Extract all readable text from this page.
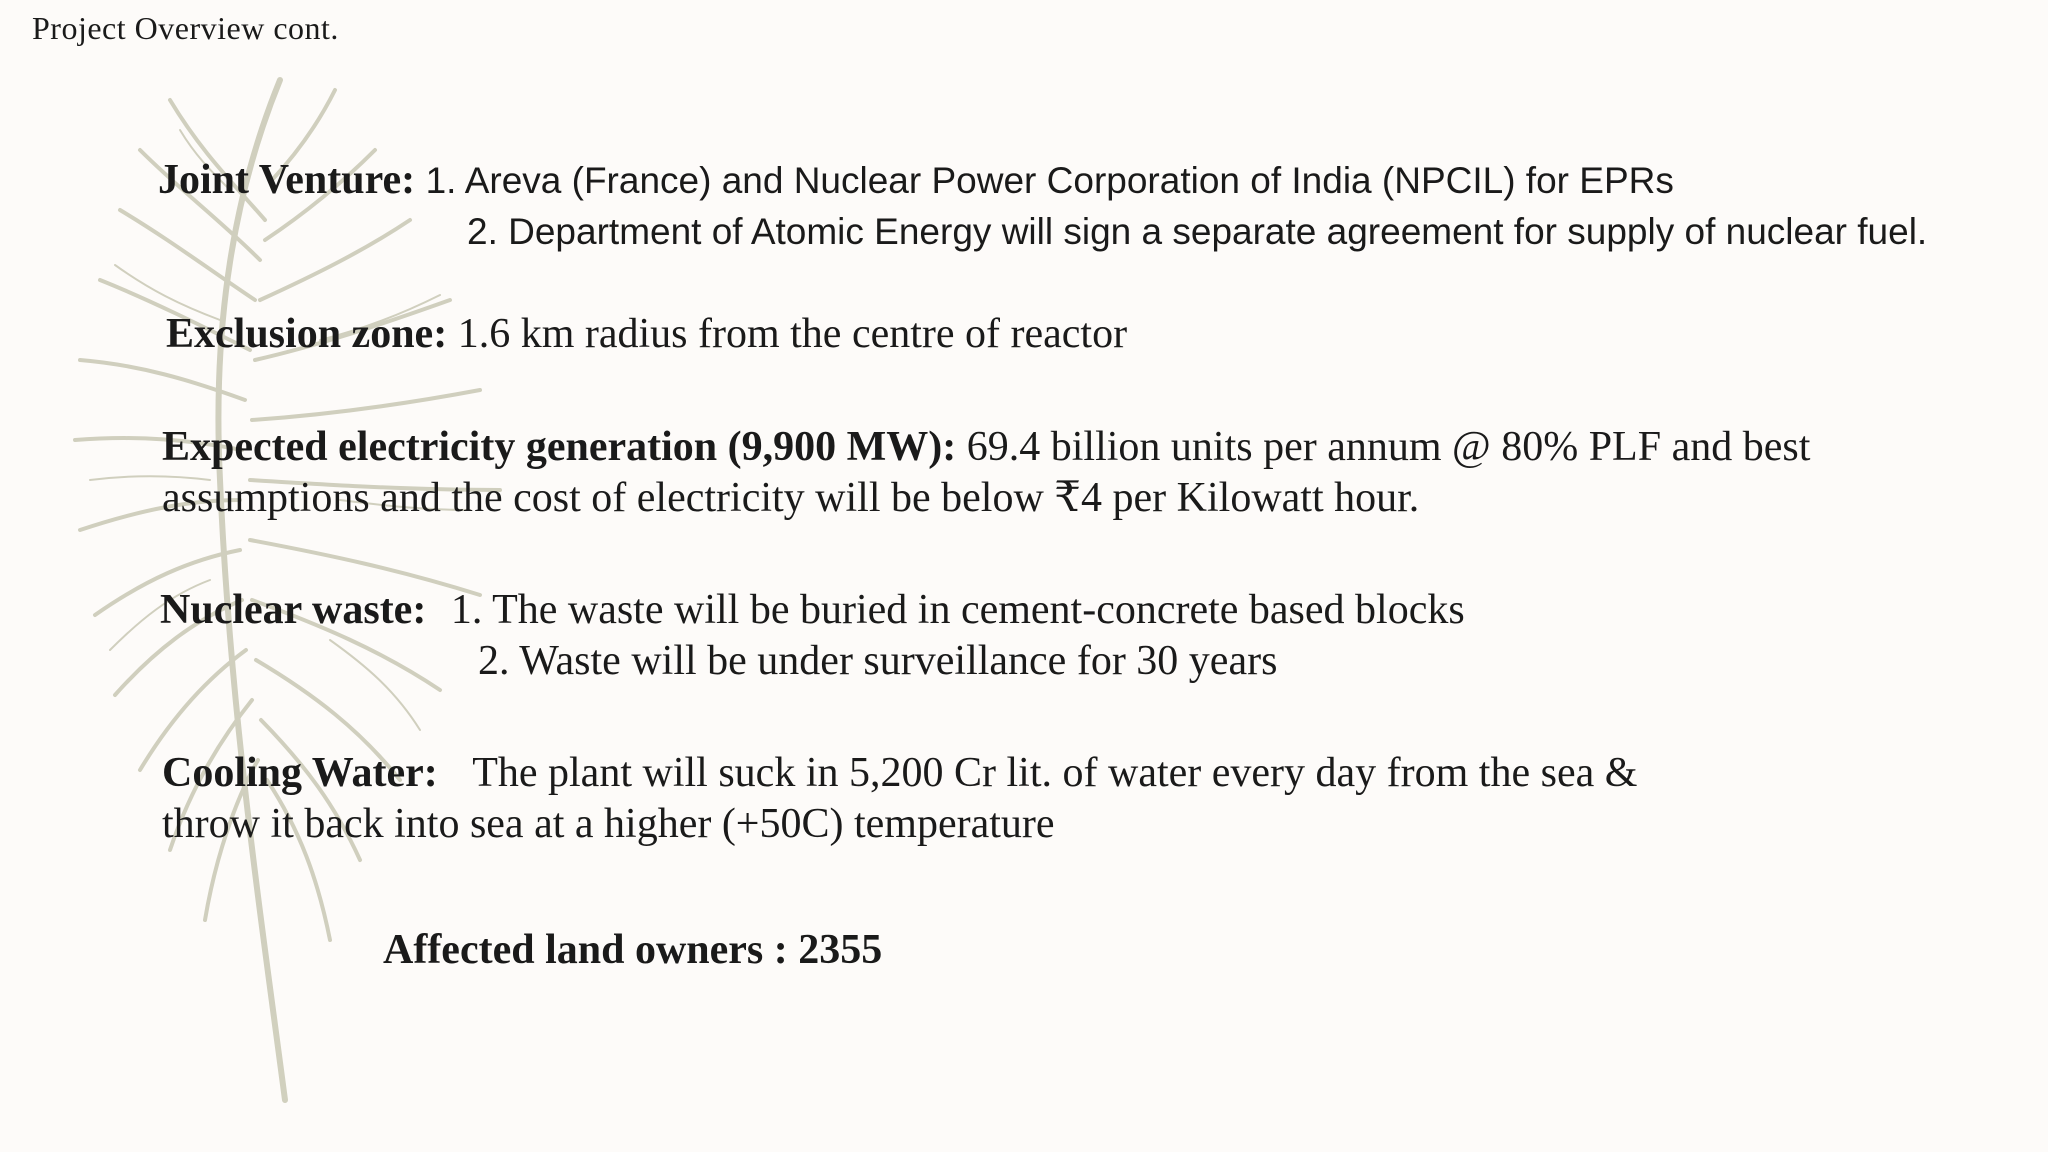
Project Overview cont.
Joint Venture: 1. Areva (France) and Nuclear Power Corporation of India (NPCIL) for EPRs
2. Department of Atomic Energy will sign a separate agreement for supply of nuclear fuel.
Exclusion zone: 1.6 km radius from the centre of reactor
Expected electricity generation (9,900 MW): 69.4 billion units per annum @ 80% PLF and best
assumptions and the cost of electricity will be below ₹4 per Kilowatt hour.
Nuclear waste: 1. The waste will be buried in cement-concrete based blocks
2. Waste will be under surveillance for 30 years
Cooling Water: The plant will suck in 5,200 Cr lit. of water every day from the sea &
throw it back into sea at a higher (+50C) temperature
Affected land owners : 2355
